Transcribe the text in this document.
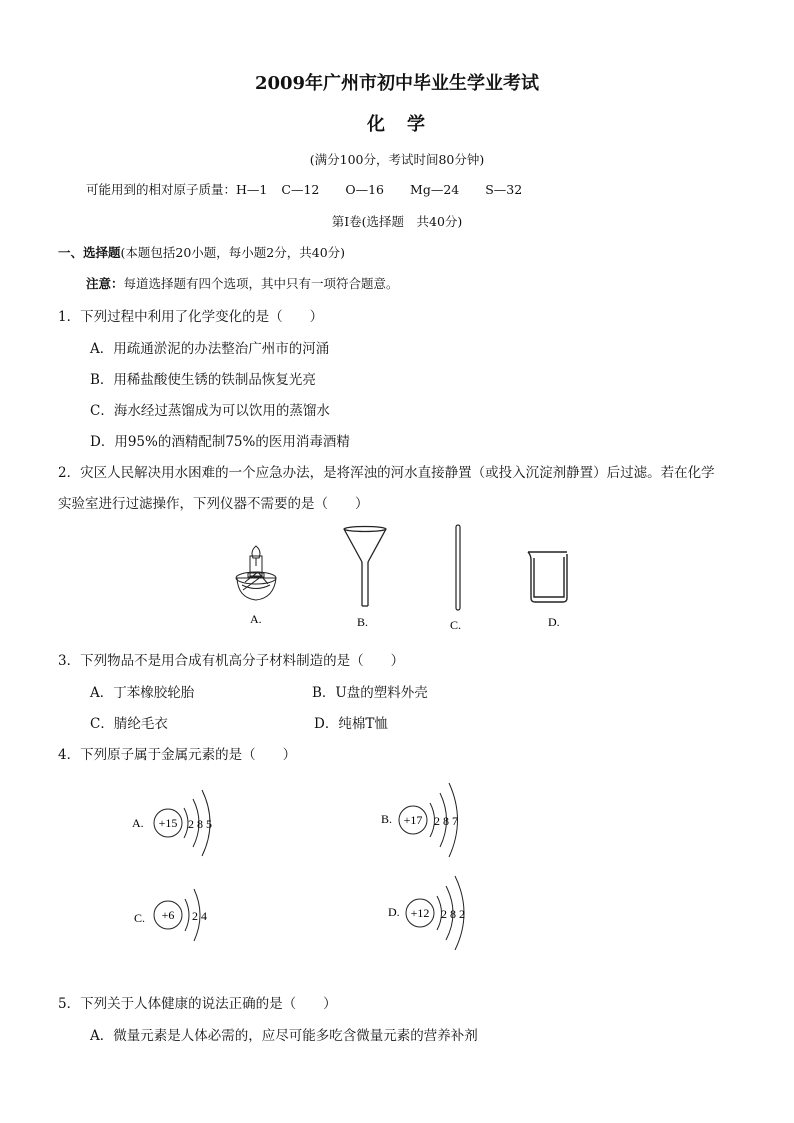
2009年广州市初中毕业生学业考试
化　学
(满分100分，考试时间80分钟)
可能用到的相对原子质量：H—1 C—12 O—16 Mg—24 S—32
第Ⅰ卷(选择题　共40分)
一、选择题(本题包括20小题，每小题2分，共40分)
注意：每道选择题有四个选项，其中只有一项符合题意。
1．下列过程中利用了化学变化的是（　　）
A．用疏通淤泥的办法整治广州市的河涌
B．用稀盐酸使生锈的铁制品恢复光亮
C．海水经过蒸馏成为可以饮用的蒸馏水
D．用95%的酒精配制75%的医用消毒酒精
2．灾区人民解决用水困难的一个应急办法，是将浑浊的河水直接静置（或投入沉淀剂静置）后过滤。若在化学
实验室进行过滤操作，下列仪器不需要的是（　　）
A.	B.	C.	D.
3．下列物品不是用合成有机高分子材料制造的是（　　）
A．丁苯橡胶轮胎	B．U盘的塑料外壳
C．腈纶毛衣	D．纯棉T恤
4．下列原子属于金属元素的是（　　）
A. +15 2 8 5	B. +17 2 8 7
C. +6 2 4	D. +12 2 8 2
5．下列关于人体健康的说法正确的是（　　）
A．微量元素是人体必需的，应尽可能多吃含微量元素的营养补剂
